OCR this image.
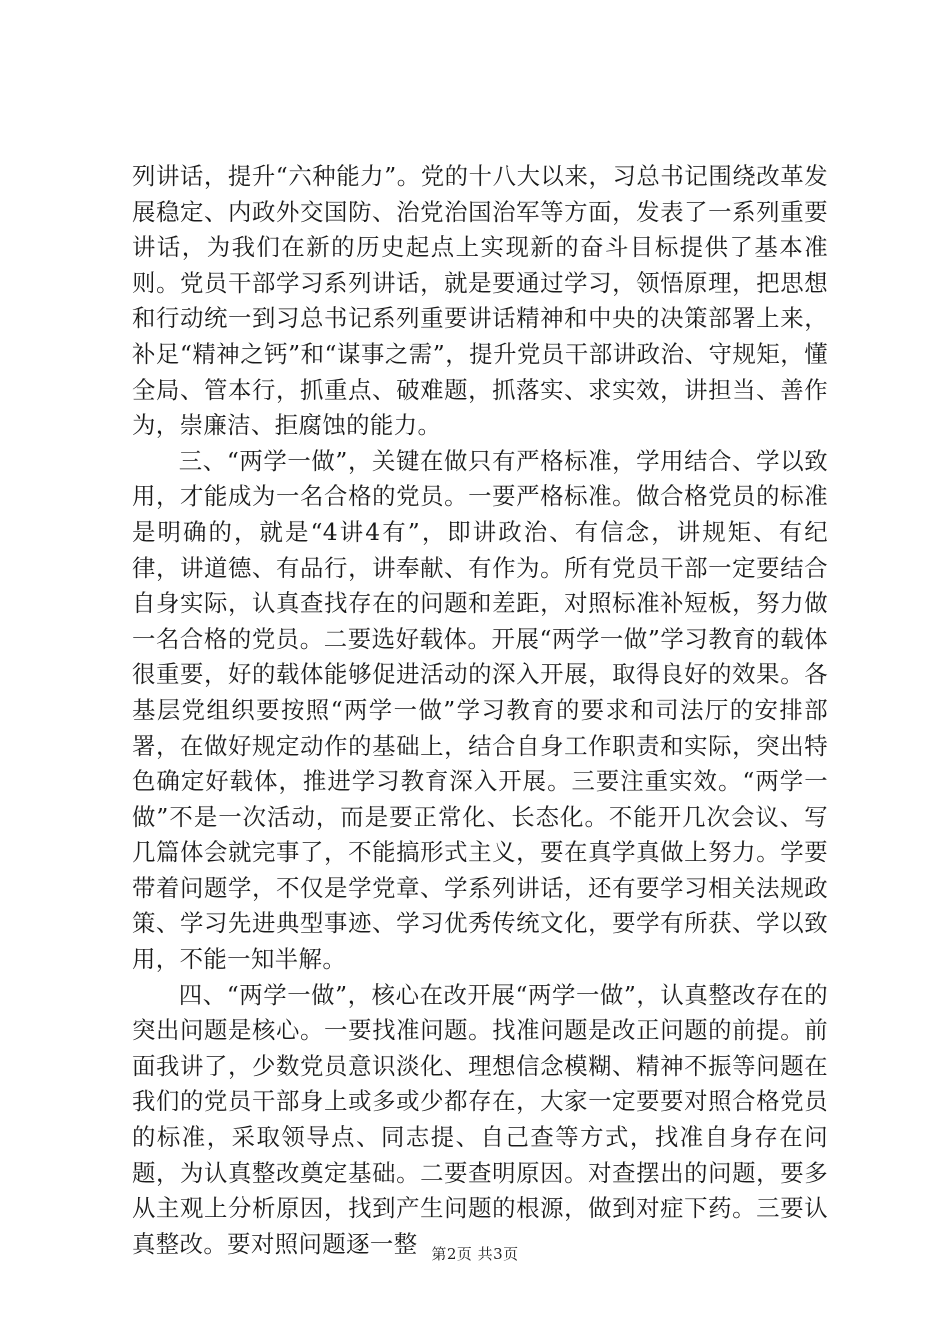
列讲话，提升“六种能力”。党的十八大以来，习总书记围绕改革发展稳定、内政外交国防、治党治国治军等方面，发表了一系列重要讲话，为我们在新的历史起点上实现新的奋斗目标提供了基本准则。党员干部学习系列讲话，就是要通过学习，领悟原理，把思想和行动统一到习总书记系列重要讲话精神和中央的决策部署上来，补足“精神之钙”和“谋事之需”，提升党员干部讲政治、守规矩，懂全局、管本行，抓重点、破难题，抓落实、求实效，讲担当、善作为，崇廉洁、拒腐蚀的能力。

三、“两学一做”，关键在做只有严格标准，学用结合、学以致用，才能成为一名合格的党员。一要严格标准。做合格党员的标准是明确的，就是“4讲4有”，即讲政治、有信念，讲规矩、有纪律，讲道德、有品行，讲奉献、有作为。所有党员干部一定要结合自身实际，认真查找存在的问题和差距，对照标准补短板，努力做一名合格的党员。二要选好载体。开展“两学一做”学习教育的载体很重要，好的载体能够促进活动的深入开展，取得良好的效果。各基层党组织要按照“两学一做”学习教育的要求和司法厅的安排部署，在做好规定动作的基础上，结合自身工作职责和实际，突出特色确定好载体，推进学习教育深入开展。三要注重实效。“两学一做”不是一次活动，而是要正常化、长态化。不能开几次会议、写几篇体会就完事了，不能搞形式主义，要在真学真做上努力。学要带着问题学，不仅是学党章、学系列讲话，还有要学习相关法规政策、学习先进典型事迹、学习优秀传统文化，要学有所获、学以致用，不能一知半解。

四、“两学一做”，核心在改开展“两学一做”，认真整改存在的突出问题是核心。一要找准问题。找准问题是改正问题的前提。前面我讲了，少数党员意识淡化、理想信念模糊、精神不振等问题在我们的党员干部身上或多或少都存在，大家一定要要对照合格党员的标准，采取领导点、同志提、自己查等方式，找准自身存在问题，为认真整改奠定基础。二要查明原因。对查摆出的问题，要多从主观上分析原因，找到产生问题的根源，做到对症下药。三要认真整改。要对照问题逐一整 第2页 共3页
